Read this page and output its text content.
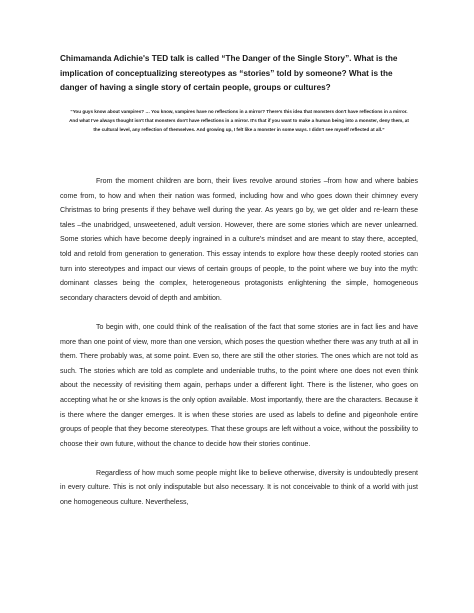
Chimamanda Adichie's TED talk is called “The Danger of the Single Story”. What is the implication of conceptualizing stereotypes as “stories” told by someone? What is the danger of having a single story of certain people, groups or cultures?

“You guys know about vampires? … You know, vampires have no reflections in a mirror? There's this idea that monsters don't have reflections in a mirror. And what I've always thought isn't that monsters don't have reflections in a mirror. It's that if you want to make a human being into a monster, deny them, at the cultural level, any reflection of themselves. And growing up, I felt like a monster in some ways. I didn't see myself reflected at all.”

From the moment children are born, their lives revolve around stories –from how and where babies come from, to how and when their nation was formed, including how and who goes down their chimney every Christmas to bring presents if they behave well during the year. As years go by, we get older and re-learn these tales –the unabridged, unsweetened, adult version. However, there are some stories which are never unlearned. Some stories which have become deeply ingrained in a culture's mindset and are meant to stay there, accepted, told and retold from generation to generation. This essay intends to explore how these deeply rooted stories can turn into stereotypes and impact our views of certain groups of people, to the point where we buy into the myth: dominant classes being the complex, heterogeneous protagonists enlightening the simple, homogeneous secondary characters devoid of depth and ambition.

To begin with, one could think of the realisation of the fact that some stories are in fact lies and have more than one point of view, more than one version, which poses the question whether there was any truth at all in them. There probably was, at some point. Even so, there are still the other stories. The ones which are not told as such. The stories which are told as complete and undeniable truths, to the point where one does not even think about the necessity of revisiting them again, perhaps under a different light. There is the listener, who goes on accepting what he or she knows is the only option available. Most importantly, there are the characters. Because it is there where the danger emerges. It is when these stories are used as labels to define and pigeonhole entire groups of people that they become stereotypes. That these groups are left without a voice, without the possibility to choose their own future, without the chance to decide how their stories continue.

Regardless of how much some people might like to believe otherwise, diversity is undoubtedly present in every culture. This is not only indisputable but also necessary. It is not conceivable to think of a world with just one homogeneous culture. Nevertheless,
